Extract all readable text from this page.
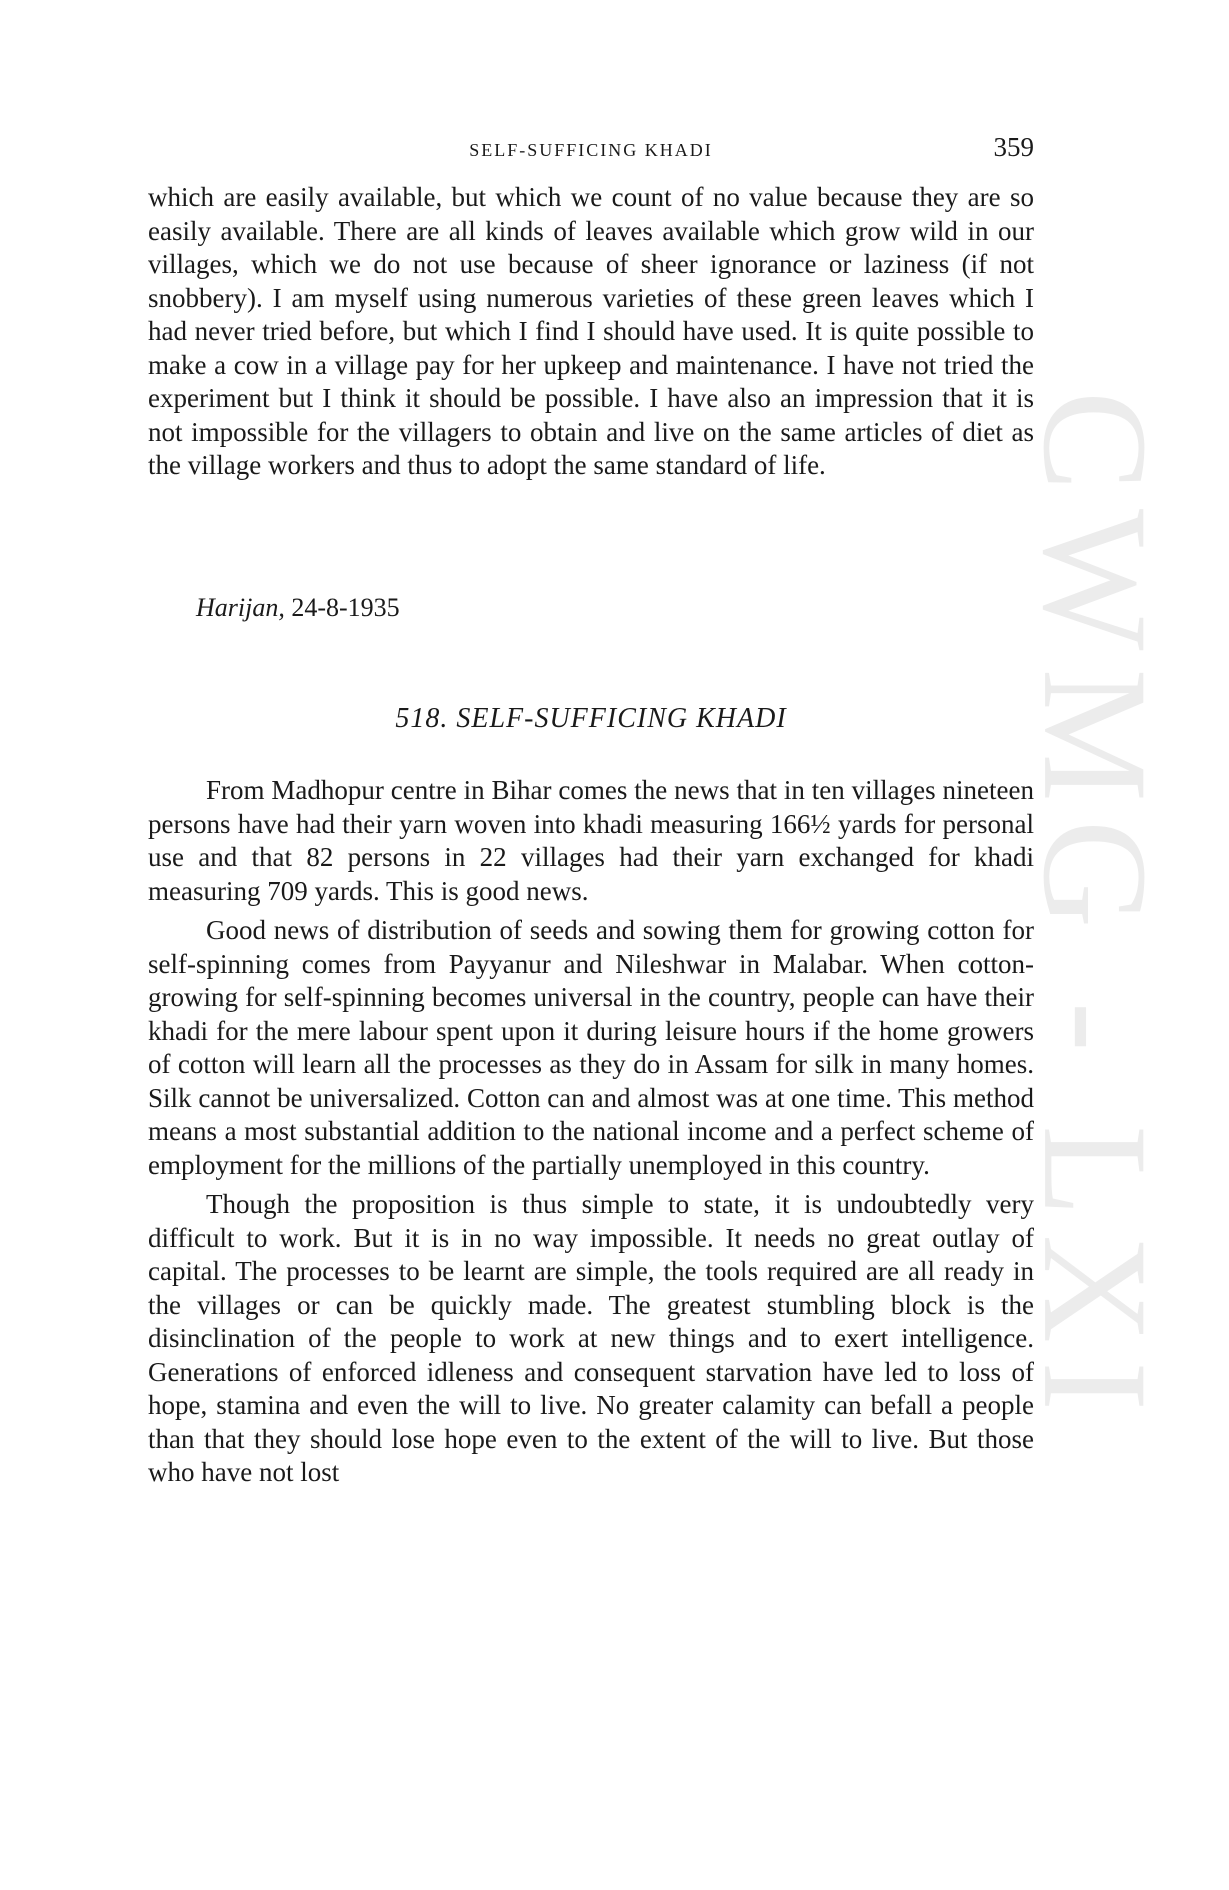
CWMG - LXI
SELF-SUFFICING KHADI	359

which are easily available, but which we count of no value because they are so easily available. There are all kinds of leaves available which grow wild in our villages, which we do not use because of sheer ignorance or laziness (if not snobbery). I am myself using numerous varieties of these green leaves which I had never tried before, but which I find I should have used. It is quite possible to make a cow in a village pay for her upkeep and maintenance. I have not tried the experiment but I think it should be possible. I have also an impression that it is not impossible for the villagers to obtain and live on the same articles of diet as the village workers and thus to adopt the same standard of life.

Harijan, 24-8-1935
518. SELF-SUFFICING KHADI

From Madhopur centre in Bihar comes the news that in ten villages nineteen persons have had their yarn woven into khadi measuring 166½ yards for personal use and that 82 persons in 22 villages had their yarn exchanged for khadi measuring 709 yards. This is good news.

Good news of distribution of seeds and sowing them for growing cotton for self-spinning comes from Payyanur and Nileshwar in Malabar. When cotton-growing for self-spinning becomes universal in the country, people can have their khadi for the mere labour spent upon it during leisure hours if the home growers of cotton will learn all the processes as they do in Assam for silk in many homes. Silk cannot be universalized. Cotton can and almost was at one time. This method means a most substantial addition to the national income and a perfect scheme of employment for the millions of the partially unemployed in this country.

Though the proposition is thus simple to state, it is undoubtedly very difficult to work. But it is in no way impossible. It needs no great outlay of capital. The processes to be learnt are simple, the tools required are all ready in the villages or can be quickly made. The greatest stumbling block is the disinclination of the people to work at new things and to exert intelligence. Generations of enforced idleness and consequent starvation have led to loss of hope, stamina and even the will to live. No greater calamity can befall a people than that they should lose hope even to the extent of the will to live. But those who have not lost
